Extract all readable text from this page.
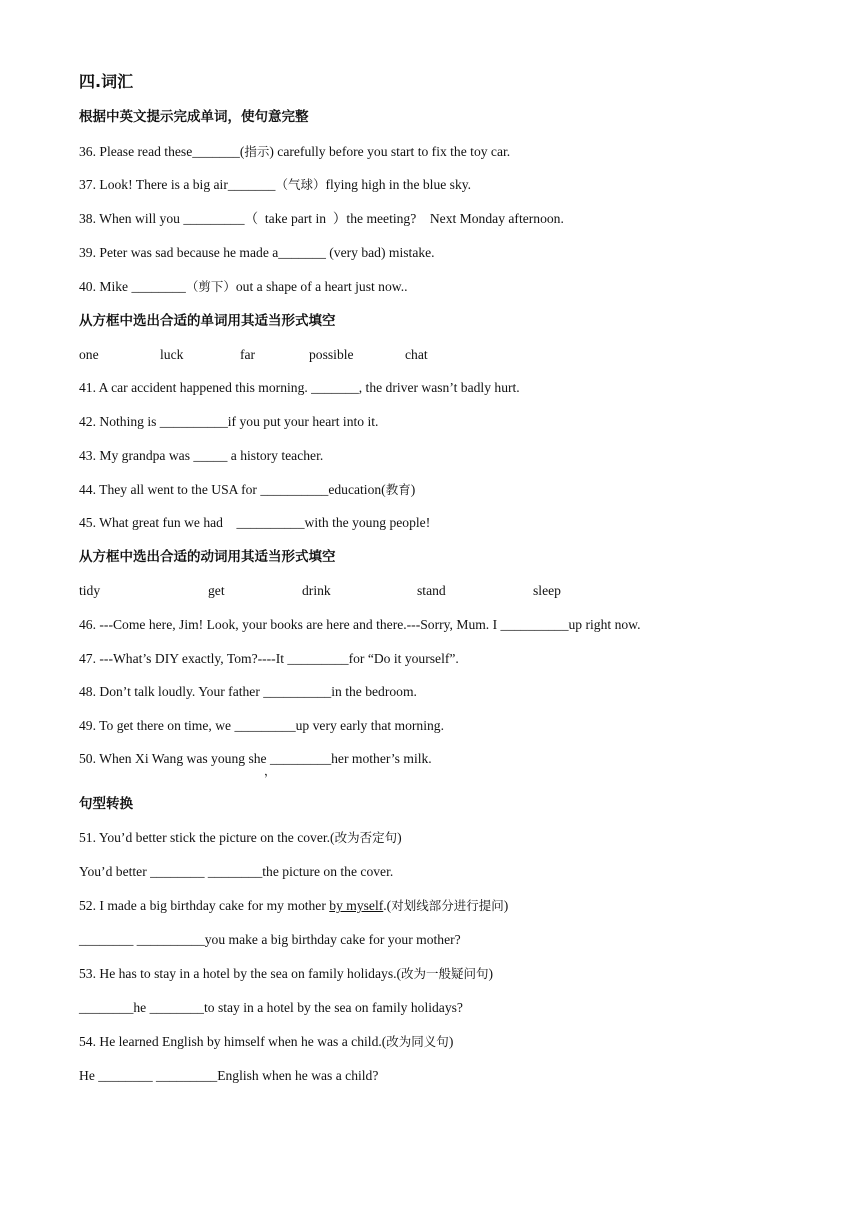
四.词汇
根据中英文提示完成单词，使句意完整
36. Please read these_______(指示) carefully before you start to fix the toy car.
37. Look! There is a big air_______（气球）flying high in the blue sky.
38. When will you _________（  take part in  ）the meeting?    Next Monday afternoon.
39. Peter was sad because he made a_______ (very bad) mistake.
40. Mike ________（剪下）out a shape of a heart just now..
从方框中选出合适的单词用其适当形式填空
one	luck	far	possible	chat
41. A car accident happened this morning. _______, the driver wasn’t badly hurt.
42. Nothing is __________if you put your heart into it.
43. My grandpa was _____ a history teacher.
44. They all went to the USA for __________education(教育)
45. What great fun we had    __________with the young people!
从方框中选出合适的动词用其适当形式填空
tidy	get	drink	stand	sleep
46. ---Come here, Jim! Look, your books are here and there.---Sorry, Mum. I __________up right now.
47. ---What’s DIY exactly, Tom?----It _________for “Do it yourself”.
48. Don’t talk loudly. Your father __________in the bedroom.
49. To get there on time, we _________up very early that morning.
50. When Xi Wang was young she _________her mother’s milk.
，
句型转换
51. You’d better stick the picture on the cover.(改为否定句)
You’d better ________ ________the picture on the cover.
52. I made a big birthday cake for my mother by myself.(对划线部分进行提问)
________ __________you make a big birthday cake for your mother?
53. He has to stay in a hotel by the sea on family holidays.(改为一般疑问句)
________he ________to stay in a hotel by the sea on family holidays?
54. He learned English by himself when he was a child.(改为同义句)
He ________ _________English when he was a child?
